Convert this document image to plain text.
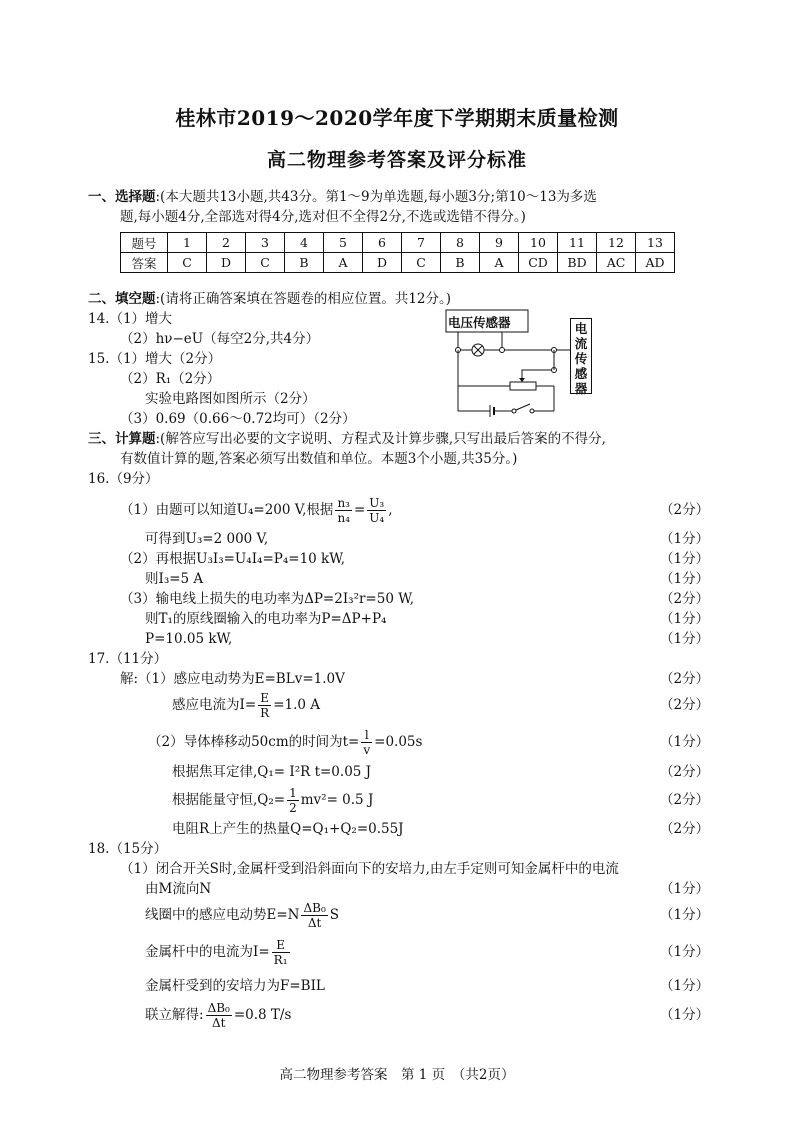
桂林市2019～2020学年度下学期期末质量检测
高二物理参考答案及评分标准
一、选择题:(本大题共13小题,共43分。第1～9为单选题,每小题3分;第10～13为多选
题,每小题4分,全部选对得4分,选对但不全得2分,不选或选错不得分。)
题号	1	2	3	4	5	6	7	8	9	10	11	12	13
答案	C	D	C	B	A	D	C	B	A	CD	BD	AC	AD
二、填空题:(请将正确答案填在答题卷的相应位置。共12分。)
14.（1）增大
（2）hν−eU（每空2分,共4分）
15.（1）增大（2分）
（2）R₁（2分）
实验电路图如图所示（2分）
（3）0.69（0.66～0.72均可）（2分）
电压传感器	电
流
传
感
器
三、计算题:(解答应写出必要的文字说明、方程式及计算步骤,只写出最后答案的不得分,
有数值计算的题,答案必须写出数值和单位。本题3个小题,共35分。)
16.（9分）
（1）由题可以知道U₄=200 V,根据 $\frac{\text{n₃}}{\text{n₄}} = \frac{\text{U₃}}{\text{U₄}}$ ,	（2分）
可得到U₃=2 000 V,	（1分）
（2）再根据U₃I₃=U₄I₄=P₄=10 kW,	（1分）
则I₃=5 A	（1分）
（3）输电线上损失的电功率为ΔP=2I₃²r=50 W,	（2分）
则T₁的原线圈输入的电功率为P=ΔP+P₄	（1分）
P=10.05 kW,	（1分）
17.（11分）
解:（1）感应电动势为E=BLv=1.0V	（2分）
感应电流为$I= \frac{E}{R} =1.0$ A	（2分）
（2）导体棒移动50cm的时间为$t= \frac{l}{v} =0.05s$	（1分）
根据焦耳定律,Q₁= I²R t=0.05 J	（2分）
根据能量守恒$,Q_2= \frac{1}{2} mv^2= 0.5$ J	（2分）
电阻R上产生的热量Q=Q₁+Q₂=0.55J	（2分）
18.（15分）
（1）闭合开关S时,金属杆受到沿斜面向下的安培力,由左手定则可知金属杆中的电流
由M流向N	（1分）
线圈中的感应电动势$E=N \frac{\text{ΔB₀}}{\Delta t}$ S	（1分）
金属杆中的电流为$I= \frac{E}{\text{R₁}}$	（1分）
金属杆受到的安培力为F=BIL	（1分）
联立解得: $\frac{\text{ΔB₀}}{\Delta t} =0.8$ T/s	（1分）
高二物理参考答案　第 1 页　（共2页）
